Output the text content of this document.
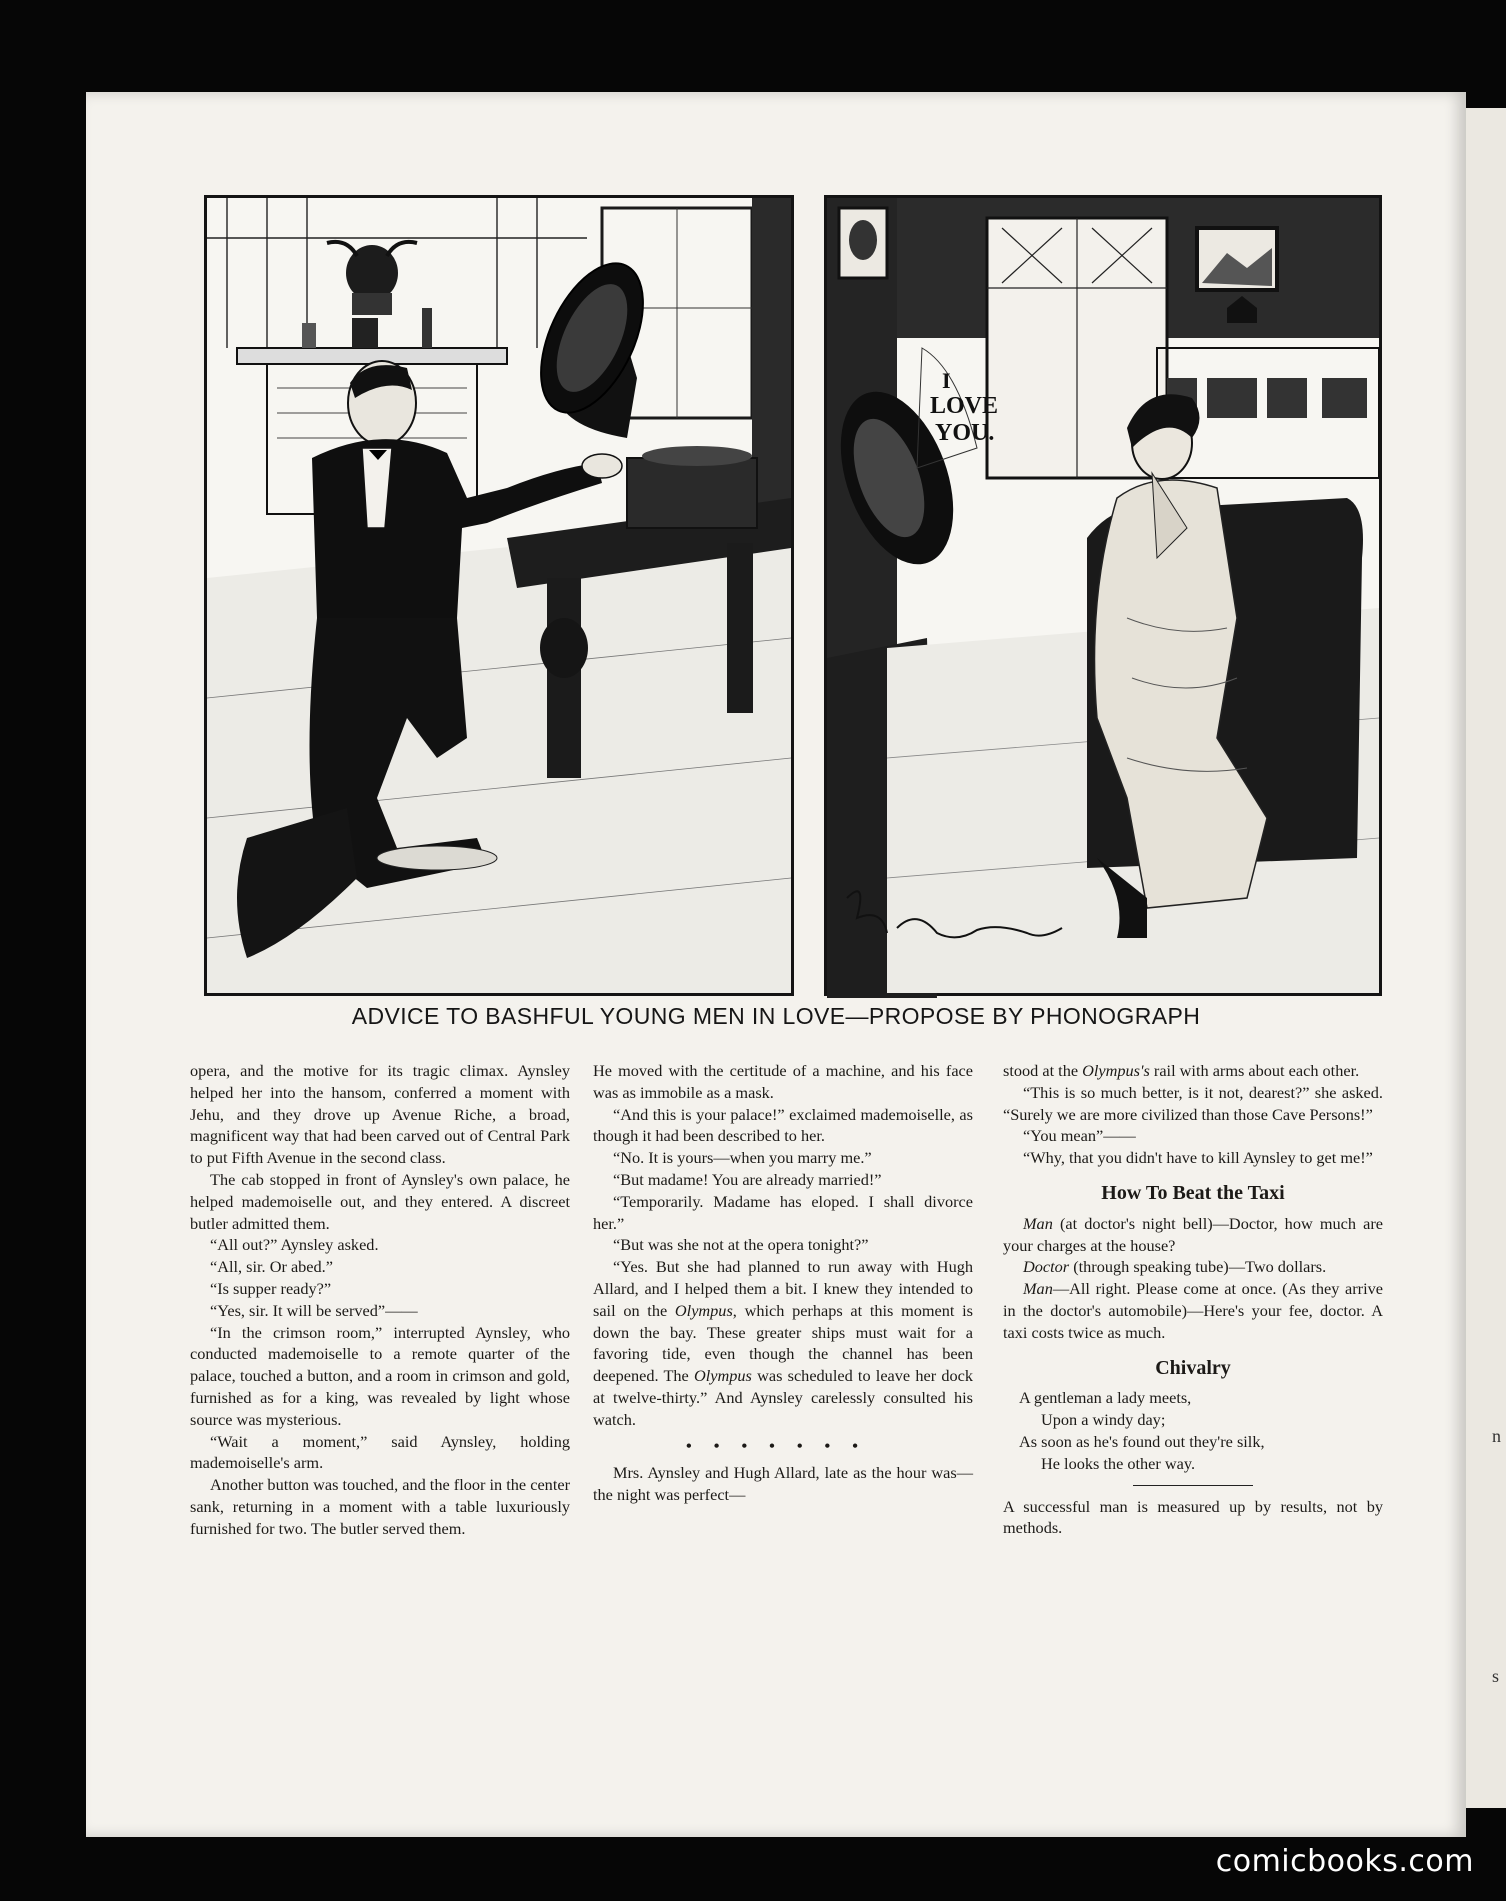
n
s
I
LOVE
YOU.
ADVICE TO BASHFUL YOUNG MEN IN LOVE—PROPOSE BY PHONOGRAPH

opera, and the motive for its tragic climax. Aynsley helped her into the hansom, conferred a moment with Jehu, and they drove up Avenue Riche, a broad, magnificent way that had been carved out of Central Park to put Fifth Avenue in the second class.

The cab stopped in front of Aynsley's own palace, he helped mademoiselle out, and they entered. A discreet butler admitted them.

“All out?” Aynsley asked.

“All, sir. Or abed.”

“Is supper ready?”

“Yes, sir. It will be served”——

“In the crimson room,” interrupted Aynsley, who conducted mademoiselle to a remote quarter of the palace, touched a button, and a room in crimson and gold, furnished as for a king, was revealed by light whose source was mysterious.

“Wait a moment,” said Aynsley, holding mademoiselle's arm.

Another button was touched, and the floor in the center sank, returning in a moment with a table luxuriously furnished for two. The butler served them.

He moved with the certitude of a machine, and his face was as immobile as a mask.

“And this is your palace!” exclaimed mademoiselle, as though it had been described to her.

“No. It is yours—when you marry me.”

“But madame! You are already married!”

“Temporarily. Madame has eloped. I shall divorce her.”

“But was she not at the opera tonight?”

“Yes. But she had planned to run away with Hugh Allard, and I helped them a bit. I knew they intended to sail on the Olympus, which perhaps at this moment is down the bay. These greater ships must wait for a favoring tide, even though the channel has been deepened. The Olympus was scheduled to leave her dock at twelve-thirty.” And Aynsley carelessly consulted his watch.

•••••••

Mrs. Aynsley and Hugh Allard, late as the hour was—the night was perfect—

stood at the Olympus's rail with arms about each other.

“This is so much better, is it not, dearest?” she asked. “Surely we are more civilized than those Cave Persons!”

“You mean”——

“Why, that you didn't have to kill Aynsley to get me!”

How To Beat the Taxi

Man (at doctor's night bell)—Doctor, how much are your charges at the house?

Doctor (through speaking tube)—Two dollars.

Man—All right. Please come at once. (As they arrive in the doctor's automobile)—Here's your fee, doctor. A taxi costs twice as much.

Chivalry
A gentleman a lady meets,
Upon a windy day;
As soon as he's found out they're silk,
He looks the other way.

A successful man is measured up by results, not by methods.

comicbooks.com
